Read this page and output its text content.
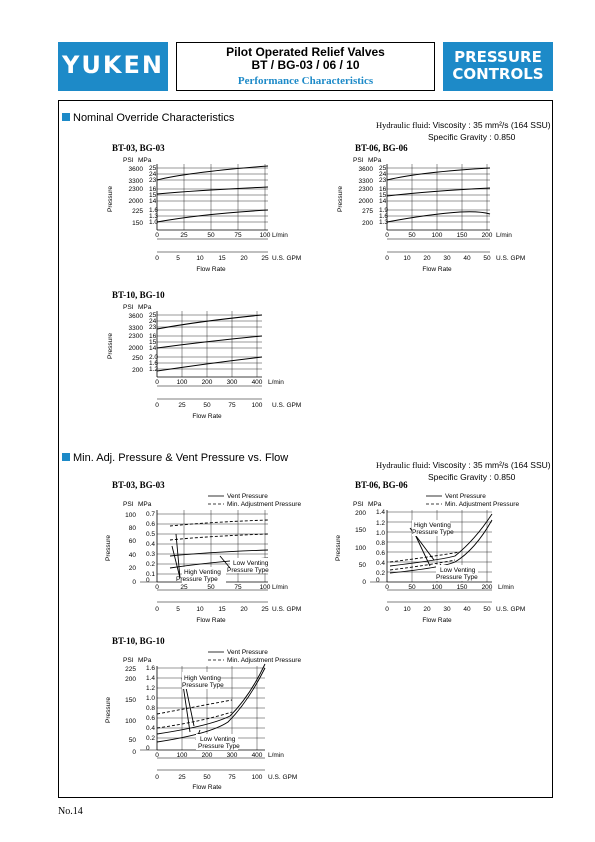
YUKEN	Pilot Operated Relief Valves
BT / BG-03 / 06 / 10
Performance Characteristics
PRESSURE
CONTROLS
Nominal Override Characteristics
Hydraulic fluid: Viscosity : 35 mm²/s (164 SSU)
Specific Gravity : 0.850
BT-03, BG-03
PSI MPa
3600
3300
2300
2000
225
150
25
24
23
16
15
14
1.6
1.3
1.0
Pressure
0	25	50	75	100 L/min
0	5	10 15 20 25 U.S. GPM
Flow Rate
BT-06, BG-06
PSI MPa
3600
3300
2300
2000
275
200
25
24
23
16
15
14
1.9
1.6
1.3
Pressure
0	50 100 150 200 L/min
0 10 20 30 40 50 U.S. GPM
Flow Rate
BT-10, BG-10
PSI MPa
3600
3300
2300
2000
250
200
25
24
23
16
15
14
2.0
1.6
1.2
Pressure
0	100 200 300 400 L/min
0	25	50	75 100 U.S. GPM
Flow Rate
Min. Adj. Pressure & Vent Pressure vs. Flow
Hydraulic fluid: Viscosity : 35 mm²/s (164 SSU)
Specific Gravity : 0.850
BT-03, BG-03
Vent Pressure
Min. Adjustment Pressure
PSI MPa
100
80
60
40
20
0
0.7
0.6
0.5
0.4
0.3
0.2
0.1
0
Pressure
High Venting
Pressure Type
Low Venting
Pressure Type
0	25	50	75	100 L/min
0	5	10 15 20 25 U.S. GPM
Flow Rate
BT-06, BG-06
Vent Pressure
Min. Adjustment Pressure
PSI MPa
200
150
100
50
0
1.4
1.2
1.0
0.8
0.6
0.4
0.2
0
Pressure
High Venting
Pressure Type
Low Venting
Pressure Type
0	50 100 150 200 L/min
0 10 20 30 40 50 U.S. GPM
Flow Rate
BT-10, BG-10
Vent Pressure
Min. Adjustment Pressure
PSI MPa
225
200
150
100
50
0
1.6
1.4
1.2
1.0
0.8
0.6
0.4
0.2
0
Pressure
High Venting
Pressure Type
Low Venting
Pressure Type
0	100 200 300 400 L/min
0	25	50	75 100 U.S. GPM
Flow Rate
No.14
